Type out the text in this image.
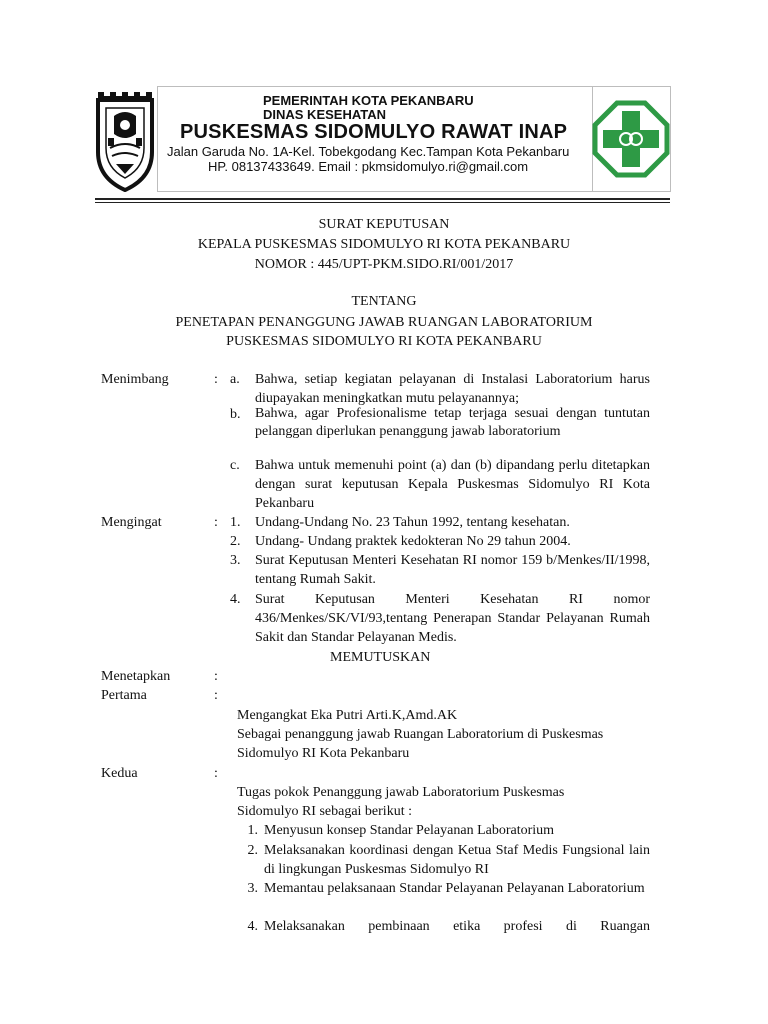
PEMERINTAH KOTA PEKANBARU
DINAS KESEHATAN
PUSKESMAS SIDOMULYO RAWAT INAP
Jalan Garuda No. 1A-Kel. Tobekgodang Kec.Tampan Kota Pekanbaru
HP. 08137433649. Email : pkmsidomulyo.ri@gmail.com
SURAT KEPUTUSAN
KEPALA PUSKESMAS SIDOMULYO RI KOTA PEKANBARU
NOMOR : 445/UPT-PKM.SIDO.RI/001/2017
TENTANG
PENETAPAN PENANGGUNG JAWAB RUANGAN LABORATORIUM
PUSKESMAS SIDOMULYO RI KOTA PEKANBARU
Menimbang	: a.	Bahwa, setiap kegiatan pelayanan di Instalasi Laboratorium harus diupayakan meningkatkan mutu pelayanannya;
b.	Bahwa, agar Profesionalisme tetap terjaga sesuai dengan tuntutan pelanggan diperlukan penanggung jawab laboratorium
c.	Bahwa untuk memenuhi point (a) dan (b) dipandang perlu ditetapkan dengan surat keputusan Kepala Puskesmas Sidomulyo RI Kota Pekanbaru
Mengingat	: 1.	Undang-Undang No. 23 Tahun 1992, tentang kesehatan.
2.	Undang- Undang praktek kedokteran No 29 tahun 2004.
3.	Surat Keputusan Menteri Kesehatan RI nomor 159 b/Menkes/II/1998, tentang Rumah Sakit.
4.	Surat Keputusan Menteri Kesehatan RI nomor 436/Menkes/SK/VI/93,tentang Penerapan Standar Pelayanan Rumah Sakit dan Standar Pelayanan Medis.
MEMUTUSKAN
Menetapkan	:
Pertama	:
Mengangkat Eka Putri Arti.K,Amd.AK
Sebagai penanggung jawab Ruangan Laboratorium di Puskesmas
Sidomulyo RI Kota Pekanbaru
Kedua	:
Tugas pokok Penanggung jawab Laboratorium Puskesmas
Sidomulyo RI sebagai berikut :
1. Menyusun konsep Standar Pelayanan Laboratorium
2. Melaksanakan koordinasi dengan Ketua Staf Medis Fungsional lain di lingkungan Puskesmas Sidomulyo RI
3. Memantau pelaksanaan Standar Pelayanan Pelayanan Laboratorium
4. Melaksanakan pembinaan etika profesi di Ruangan
